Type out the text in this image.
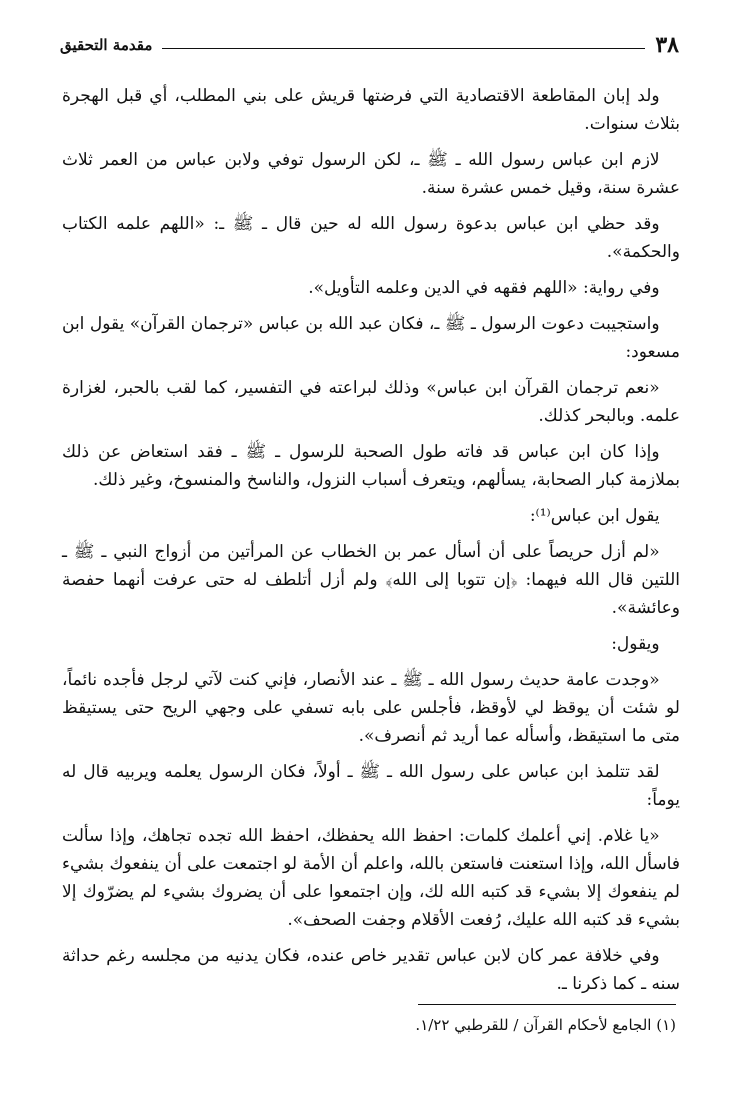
٣٨
مقدمة التحقيق

ولد إبان المقاطعة الاقتصادية التي فرضتها قريش على بني المطلب، أي قبل الهجرة بثلاث سنوات.

لازم ابن عباس رسول الله ـ ﷺ ـ، لكن الرسول توفي ولابن عباس من العمر ثلاث عشرة سنة، وقيل خمس عشرة سنة.

وقد حظي ابن عباس بدعوة رسول الله له حين قال ـ ﷺ ـ: «اللهم علمه الكتاب والحكمة».

وفي رواية: «اللهم فقهه في الدين وعلمه التأويل».

واستجيبت دعوت الرسول ـ ﷺ ـ، فكان عبد الله بن عباس «ترجمان القرآن» يقول ابن مسعود:

«نعم ترجمان القرآن ابن عباس» وذلك لبراعته في التفسير، كما لقب بالحبر، لغزارة علمه. وبالبحر كذلك.

وإذا كان ابن عباس قد فاته طول الصحبة للرسول ـ ﷺ ـ فقد استعاض عن ذلك بملازمة كبار الصحابة، يسألهم، ويتعرف أسباب النزول، والناسخ والمنسوخ، وغير ذلك.

يقول ابن عباس⁽¹⁾:

«لم أزل حريصاً على أن أسأل عمر بن الخطاب عن المرأتين من أزواج النبي ـ ﷺ ـ اللتين قال الله فيهما: ﴿إن تتوبا إلى الله﴾ ولم أزل أتلطف له حتى عرفت أنهما حفصة وعائشة».

ويقول:

«وجدت عامة حديث رسول الله ـ ﷺ ـ عند الأنصار، فإني كنت لآتي لرجل فأجده نائماً، لو شئت أن يوقظ لي لأوقظ، فأجلس على بابه تسفي على وجهي الريح حتى يستيقظ متى ما استيقظ، وأسأله عما أريد ثم أنصرف».

لقد تتلمذ ابن عباس على رسول الله ـ ﷺ ـ أولاً، فكان الرسول يعلمه ويربيه قال له يوماً:

«يا غلام. إني أعلمك كلمات: احفظ الله يحفظك، احفظ الله تجده تجاهك، وإذا سألت فاسأل الله، وإذا استعنت فاستعن بالله، واعلم أن الأمة لو اجتمعت على أن ينفعوك بشيء لم ينفعوك إلا بشيء قد كتبه الله لك، وإن اجتمعوا على أن يضروك بشيء لم يضرّوك إلا بشيء قد كتبه الله عليك، رُفعت الأقلام وجفت الصحف».

وفي خلافة عمر كان لابن عباس تقدير خاص عنده، فكان يدنيه من مجلسه رغم حداثة سنه ـ كما ذكرنا ـ.

(١) الجامع لأحكام القرآن / للقرطبي ١/٢٢.
